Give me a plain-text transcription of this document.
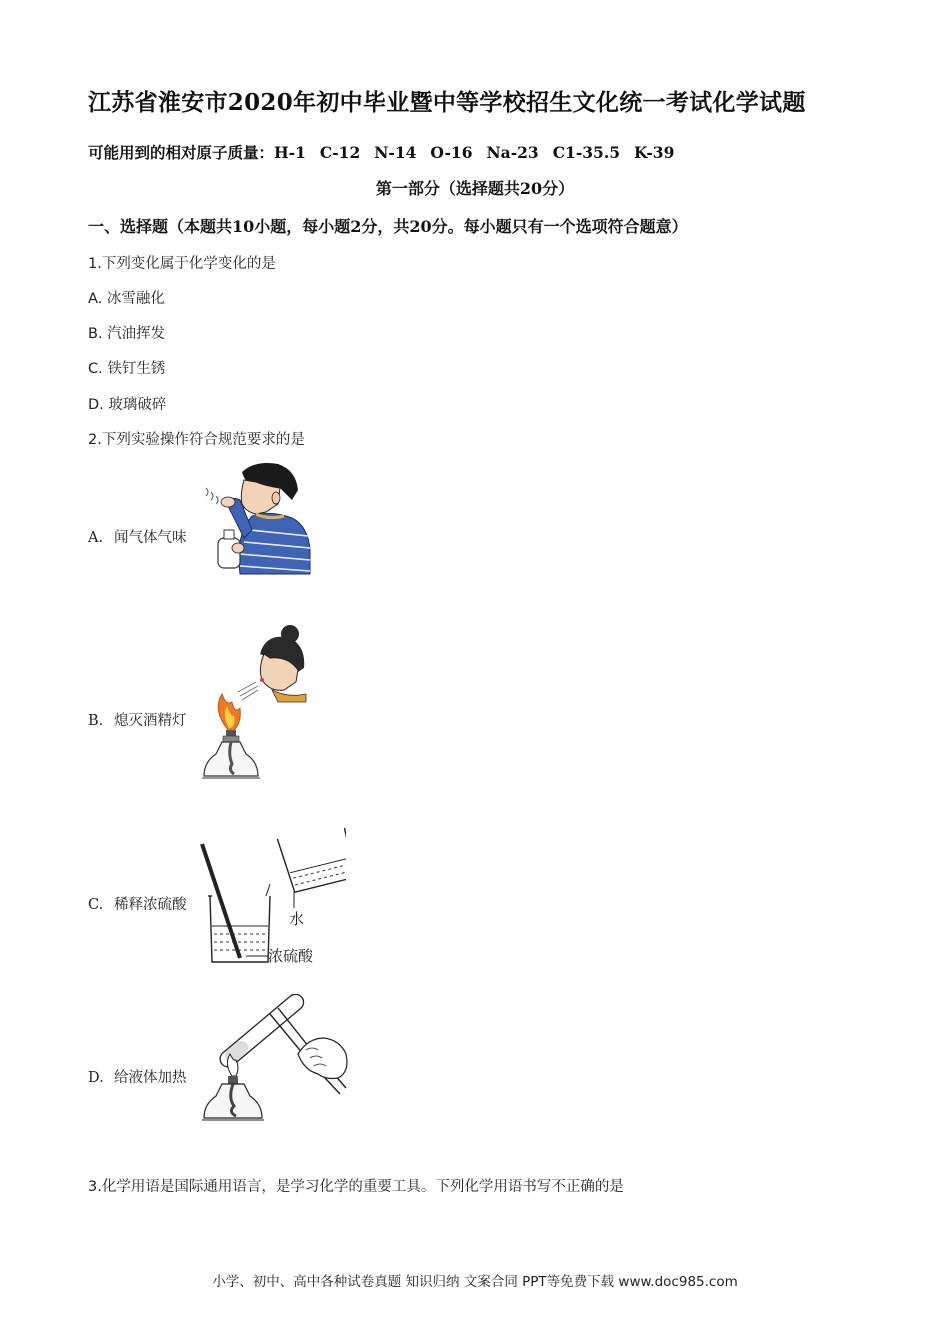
江苏省淮安市2020年初中毕业暨中等学校招生文化统一考试化学试题
可能用到的相对原子质量：H-1 C-12 N-14 O-16 Na-23 C1-35.5 K-39
第一部分（选择题共20分）
一、选择题（本题共10小题，每小题2分，共20分。每小题只有一个选项符合题意）
1.下列变化属于化学变化的是
A. 冰雪融化
B. 汽油挥发
C. 铁钉生锈
D. 玻璃破碎
2.下列实验操作符合规范要求的是
A. 闻气体气味
B. 熄灭酒精灯
C. 稀释浓硫酸
水
浓硫酸
D. 给液体加热
3.化学用语是国际通用语言，是学习化学的重要工具。下列化学用语书写不正确的是
小学、初中、高中各种试卷真题 知识归纳 文案合同 PPT等免费下载 www.doc985.com
